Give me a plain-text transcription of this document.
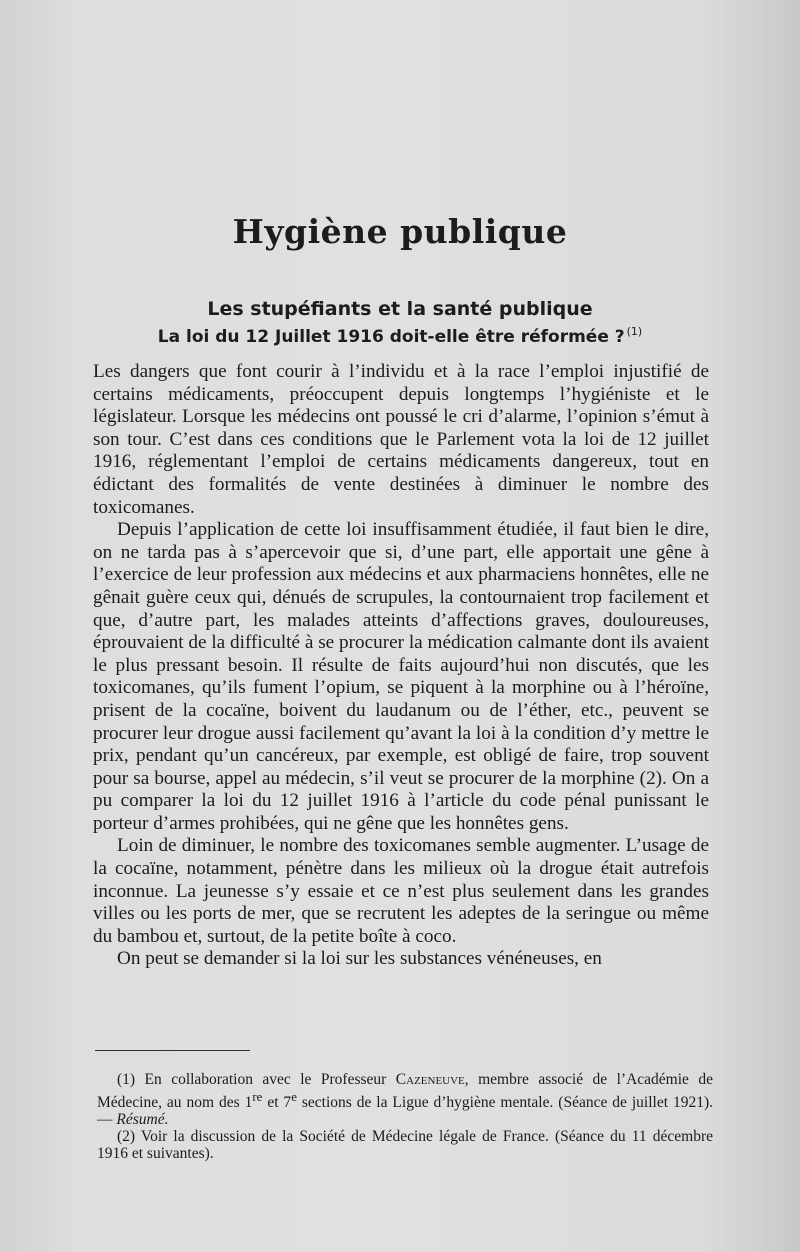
Hygiène publique
Les stupéfiants et la santé publique
La loi du 12 Juillet 1916 doit-elle être réformée ? $^{(1)}$

Les dangers que font courir à l’individu et à la race l’emploi injustifié de certains médicaments, préoccupent depuis longtemps l’hygiéniste et le législateur. Lorsque les médecins ont poussé le cri d’alarme, l’opinion s’émut à son tour. C’est dans ces conditions que le Parlement vota la loi de 12 juillet 1916, réglementant l’emploi de certains médicaments dangereux, tout en édictant des formalités de vente destinées à diminuer le nombre des toxicomanes.

Depuis l’application de cette loi insuffisamment étudiée, il faut bien le dire, on ne tarda pas à s’apercevoir que si, d’une part, elle apportait une gêne à l’exercice de leur profession aux médecins et aux pharmaciens honnêtes, elle ne gênait guère ceux qui, dénués de scrupules, la contournaient trop facilement et que, d’autre part, les malades atteints d’affections graves, douloureuses, éprouvaient de la difficulté à se procurer la médication calmante dont ils avaient le plus pressant besoin. Il résulte de faits aujourd’hui non discutés, que les toxicomanes, qu’ils fument l’opium, se piquent à la morphine ou à l’héroïne, prisent de la cocaïne, boivent du laudanum ou de l’éther, etc., peuvent se procurer leur drogue aussi facilement qu’avant la loi à la condition d’y mettre le prix, pendant qu’un cancéreux, par exemple, est obligé de faire, trop souvent pour sa bourse, appel au médecin, s’il veut se procurer de la morphine (2). On a pu comparer la loi du 12 juillet 1916 à l’article du code pénal punissant le porteur d’armes prohibées, qui ne gêne que les honnêtes gens.

Loin de diminuer, le nombre des toxicomanes semble augmenter. L’usage de la cocaïne, notamment, pénètre dans les milieux où la drogue était autrefois inconnue. La jeunesse s’y essaie et ce n’est plus seulement dans les grandes villes ou les ports de mer, que se recrutent les adeptes de la seringue ou même du bambou et, surtout, de la petite boîte à coco.

On peut se demander si la loi sur les substances vénéneuses, en

(1) En collaboration avec le Professeur Cazeneuve, membre associé de l’Académie de Médecine, au nom des 1re et 7e sections de la Ligue d’hygiène mentale. (Séance de juillet 1921). — Résumé.

(2) Voir la discussion de la Société de Médecine légale de France. (Séance du 11 décembre 1916 et suivantes).
